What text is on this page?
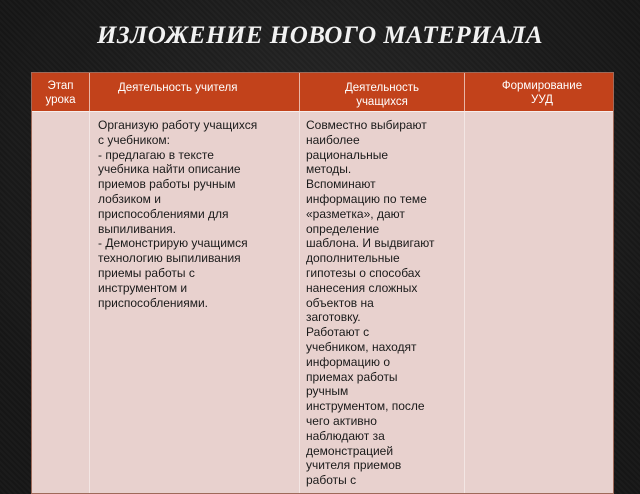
ИЗЛОЖЕНИЕ НОВОГО МАТЕРИАЛА
Этап
урока
Деятельность учителя	Деятельность
учащихся
Формирование
УУД
Организую работу учащихся
с учебником:
- предлагаю в тексте
учебника найти описание
приемов работы ручным
лобзиком и
приспособлениями для
выпиливания.
- Демонстрирую учащимся
технологию выпиливания
приемы работы с
инструментом и
приспособлениями.
Совместно выбирают
наиболее
рациональные
методы.
Вспоминают
информацию по теме
«разметка», дают
определение
шаблона. И выдвигают
дополнительные
гипотезы о способах
нанесения сложных
объектов на
заготовку.
Работают с
учебником, находят
информацию о
приемах работы
ручным
инструментом, после
чего активно
наблюдают за
демонстрацией
учителя приемов
работы с
